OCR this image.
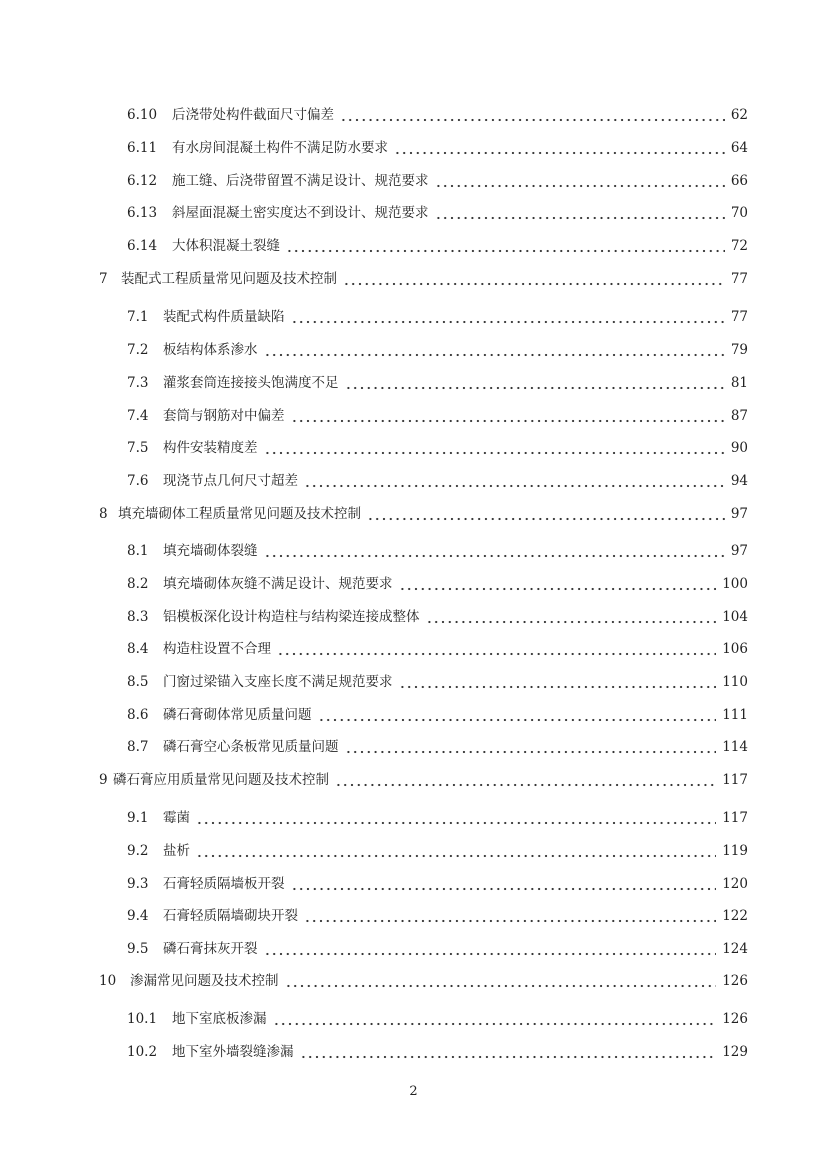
6.10 后浇带处构件截面尺寸偏差	62
6.11 有水房间混凝土构件不满足防水要求	64
6.12 施工缝、后浇带留置不满足设计、规范要求	66
6.13 斜屋面混凝土密实度达不到设计、规范要求	70
6.14 大体积混凝土裂缝	72
7 装配式工程质量常见问题及技术控制	77
7.1 装配式构件质量缺陷	77
7.2 板结构体系渗水	79
7.3 灌浆套筒连接接头饱满度不足	81
7.4 套筒与钢筋对中偏差	87
7.5 构件安装精度差	90
7.6 现浇节点几何尺寸超差	94
8 填充墙砌体工程质量常见问题及技术控制	97
8.1 填充墙砌体裂缝	97
8.2 填充墙砌体灰缝不满足设计、规范要求	100
8.3 铝模板深化设计构造柱与结构梁连接成整体	104
8.4 构造柱设置不合理	106
8.5 门窗过梁锚入支座长度不满足规范要求	110
8.6 磷石膏砌体常见质量问题	111
8.7 磷石膏空心条板常见质量问题	114
9 磷石膏应用质量常见问题及技术控制	117
9.1 霉菌	117
9.2 盐析	119
9.3 石膏轻质隔墙板开裂	120
9.4 石膏轻质隔墙砌块开裂	122
9.5 磷石膏抹灰开裂	124
10 渗漏常见问题及技术控制	126
10.1 地下室底板渗漏	126
10.2 地下室外墙裂缝渗漏	129
2
